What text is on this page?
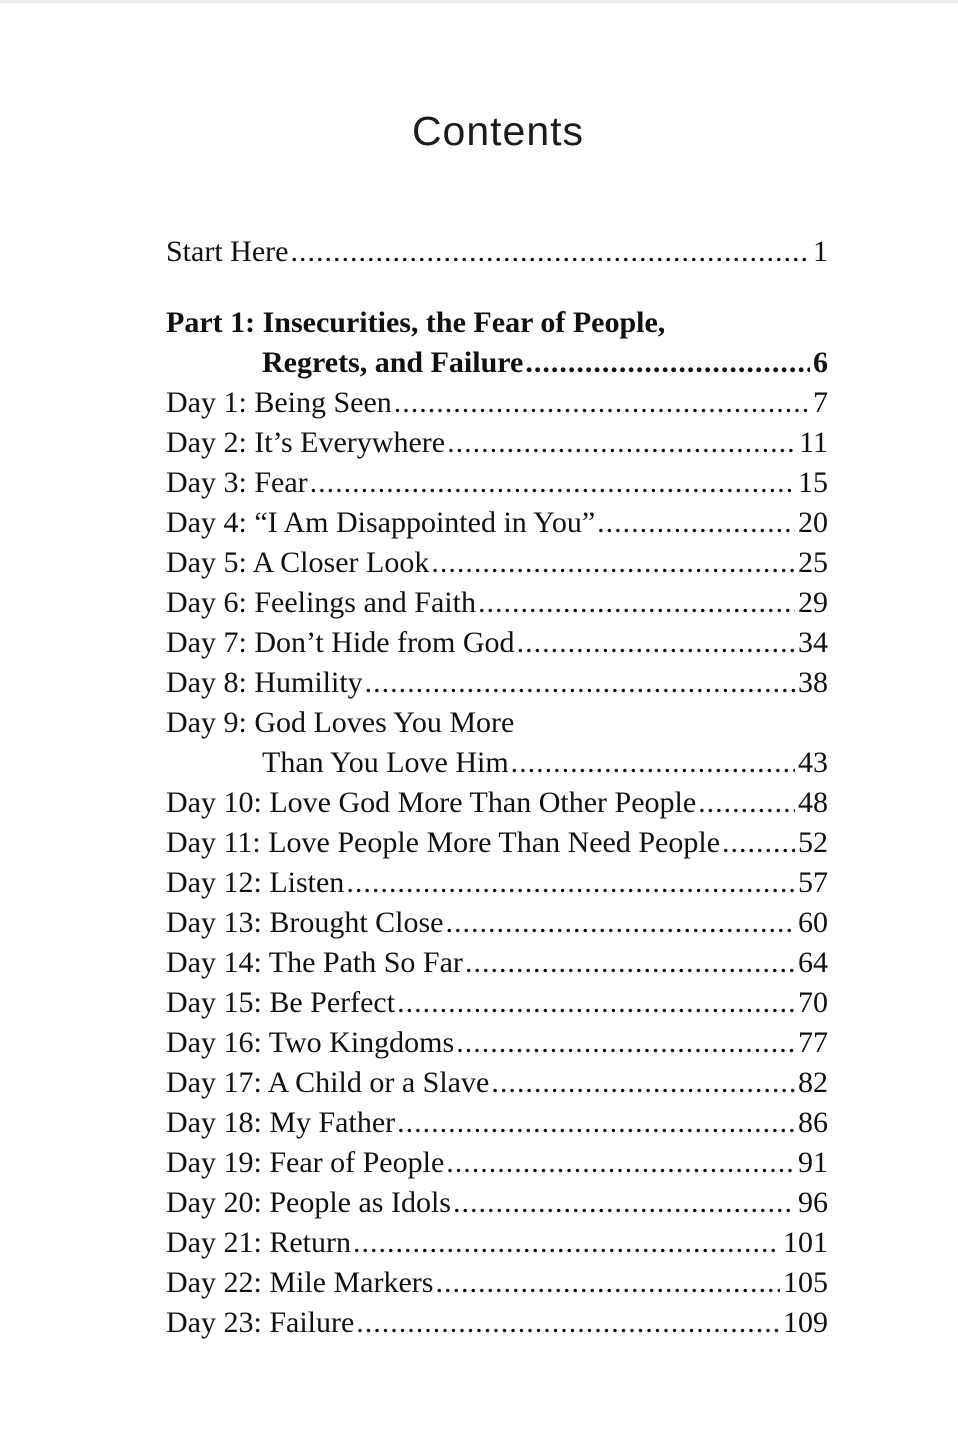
Contents
Start Here .....	1
Part 1: Insecurities, the Fear of People,
Regrets, and Failure .....	6
Day 1: Being Seen .....	7
Day 2: It’s Everywhere .....	11
Day 3: Fear .....	15
Day 4: “I Am Disappointed in You” .....	20
Day 5: A Closer Look .....	25
Day 6: Feelings and Faith .....	29
Day 7: Don’t Hide from God .....	34
Day 8: Humility .....	38
Day 9: God Loves You More
Than You Love Him .....	43
Day 10: Love God More Than Other People .....	48
Day 11: Love People More Than Need People .....	52
Day 12: Listen .....	57
Day 13: Brought Close .....	60
Day 14: The Path So Far .....	64
Day 15: Be Perfect .....	70
Day 16: Two Kingdoms .....	77
Day 17: A Child or a Slave .....	82
Day 18: My Father .....	86
Day 19: Fear of People .....	91
Day 20: People as Idols .....	96
Day 21: Return .....	101
Day 22: Mile Markers .....	105
Day 23: Failure .....	109
